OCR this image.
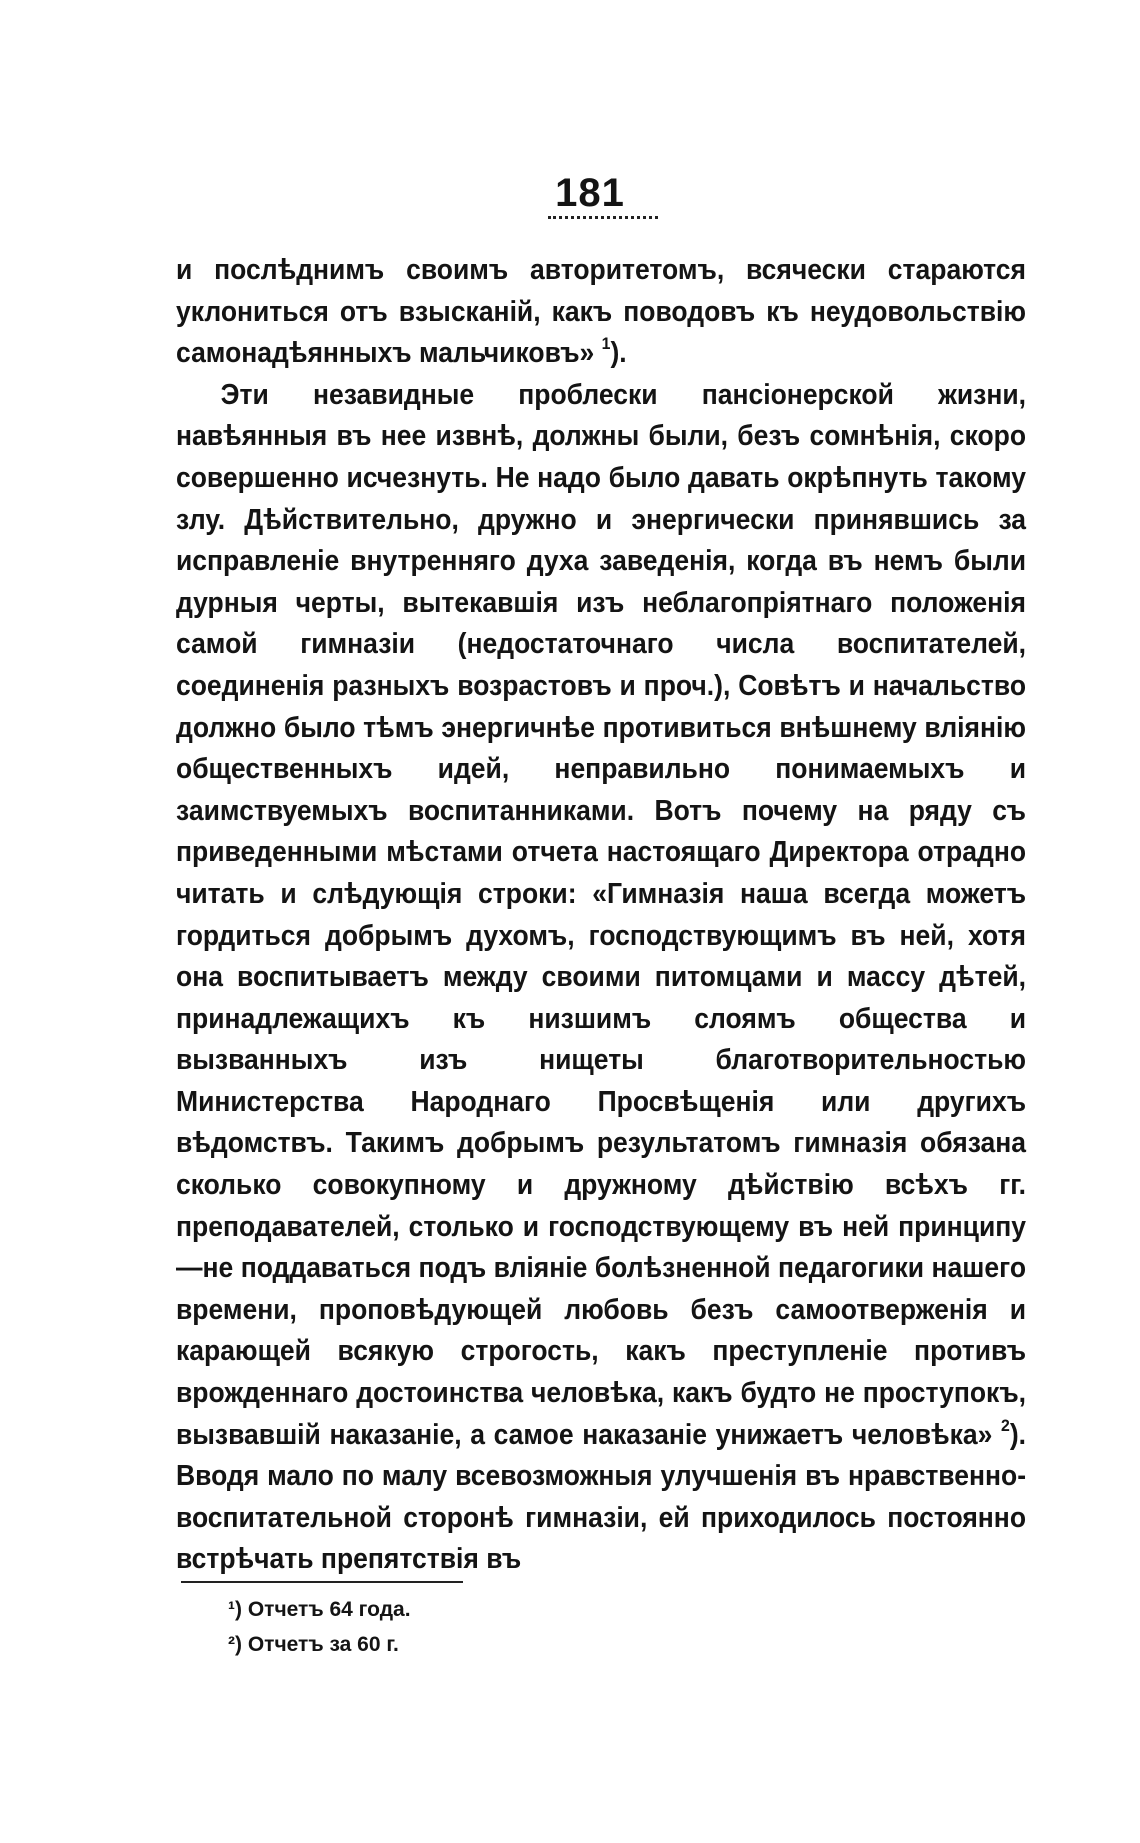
181

и послѣднимъ своимъ авторитетомъ, всячески стараются уклониться отъ взысканій, какъ поводовъ къ неудовольствію самонадѣянныхъ мальчиковъ» $^1$).

Эти незавидные проблески пансіонерской жизни, навѣянныя въ нее извнѣ, должны были, безъ сомнѣнія, скоро совершенно исчезнуть. Не надо было давать окрѣпнуть такому злу. Дѣйствительно, дружно и энергически принявшись за исправленіе внутренняго духа заведенія, когда въ немъ были дурныя черты, вытекавшія изъ неблагопріятнаго положенія самой гимназіи (недостаточнаго числа воспитателей, соединенія разныхъ возрастовъ и проч.), Совѣтъ и начальство должно было тѣмъ энергичнѣе противиться внѣшнему вліянію общественныхъ идей, неправильно понимаемыхъ и заимствуемыхъ воспитанниками. Вотъ почему на ряду съ приведенными мѣстами отчета настоящаго Директора отрадно читать и слѣдующія строки: «Гимназія наша всегда можетъ гордиться добрымъ духомъ, господствующимъ въ ней, хотя она воспитываетъ между своими питомцами и массу дѣтей, принадлежащихъ къ низшимъ слоямъ общества и вызванныхъ изъ нищеты благотворительностью Министерства Народнаго Просвѣщенія или другихъ вѣдомствъ. Такимъ добрымъ результатомъ гимназія обязана сколько совокупному и дружному дѣйствію всѣхъ гг. преподавателей, столько и господствующему въ ней принципу—не поддаваться подъ вліяніе болѣзненной педагогики нашего времени, проповѣдующей любовь безъ самоотверженія и карающей всякую строгость, какъ преступленіе противъ врожденнаго достоинства человѣка, какъ будто не проступокъ, вызвавшій наказаніе, а самое наказаніе унижаетъ человѣка» $^2$). Вводя мало по малу всевозможныя улучшенія въ нравственно-воспитательной сторонѣ гимназіи, ей приходилось постоянно встрѣчать препятствія въ

¹) Отчетъ 64 года.

²) Отчетъ за 60 г.
